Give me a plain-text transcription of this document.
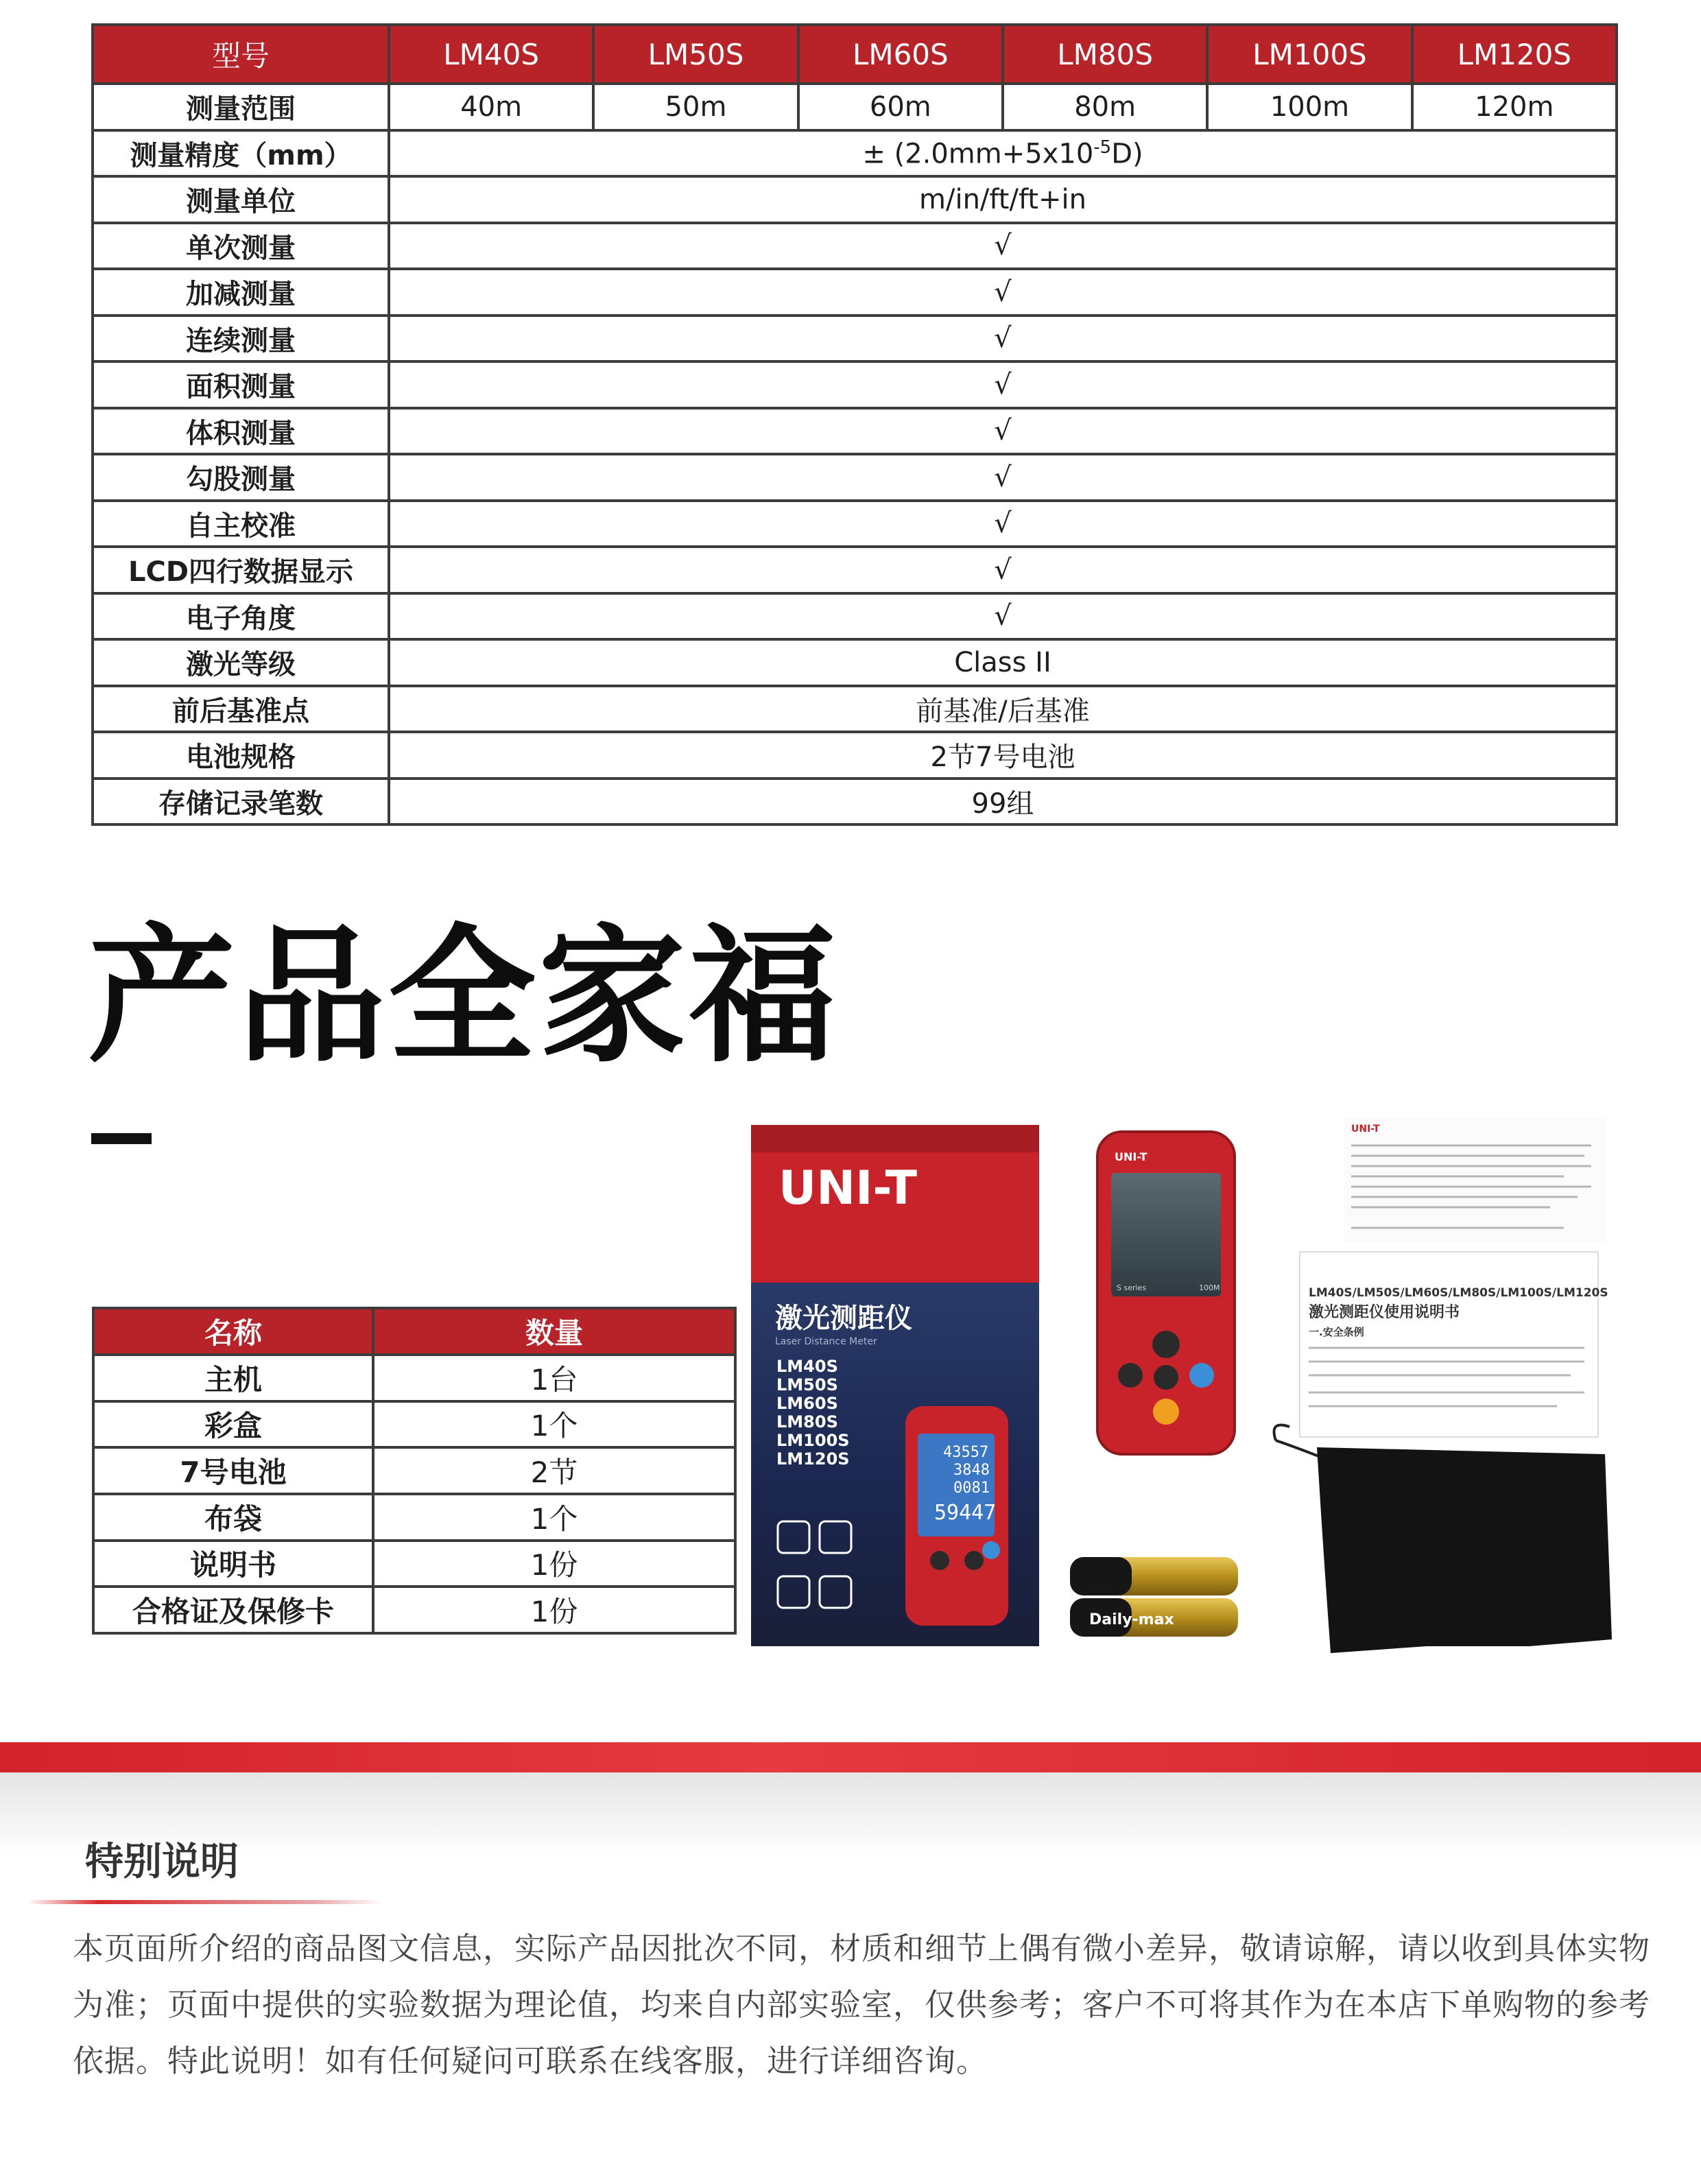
型号	LM40S	LM50S	LM60S	LM80S	LM100S	LM120S
测量范围	40m	50m	60m	80m	100m	120m
测量精度（mm）	± $(2.0mm+5x10^{-5}D)$					
测量单位	m/in/ft/ft+in					
单次测量	√					
加减测量	√					
连续测量	√					
面积测量	√					
体积测量	√					
勾股测量	√					
自主校准	√					
LCD四行数据显示	√					
电子角度	√					
激光等级	Class II					
前后基准点	前基准/后基准					
电池规格	2节7号电池					
存储记录笔数	99组					
产品全家福
名称	数量
主机	1台
彩盒	1个
7号电池	2节
布袋	1个
说明书	1份
合格证及保修卡	1份
UNI-T
激光测距仪
Laser Distance Meter
LM40S
LM50S
LM60S
LM80S
LM100S
LM120S	43557
3848
0081
59447
UNI-T
S series	100M
UNI-T
LM40S/LM50S/LM60S/LM80S/LM100S/LM120S
激光测距仪使用说明书
一.安全条例
Daily-max
特别说明
本页面所介绍的商品图文信息，实际产品因批次不同，材质和细节上偶有微小差异，敬请谅解，请以收到具体实物为准；页面中提供的实验数据为理论值，均来自内部实验室，仅供参考；客户不可将其作为在本店下单购物的参考依据。特此说明！如有任何疑问可联系在线客服，进行详细咨询。
